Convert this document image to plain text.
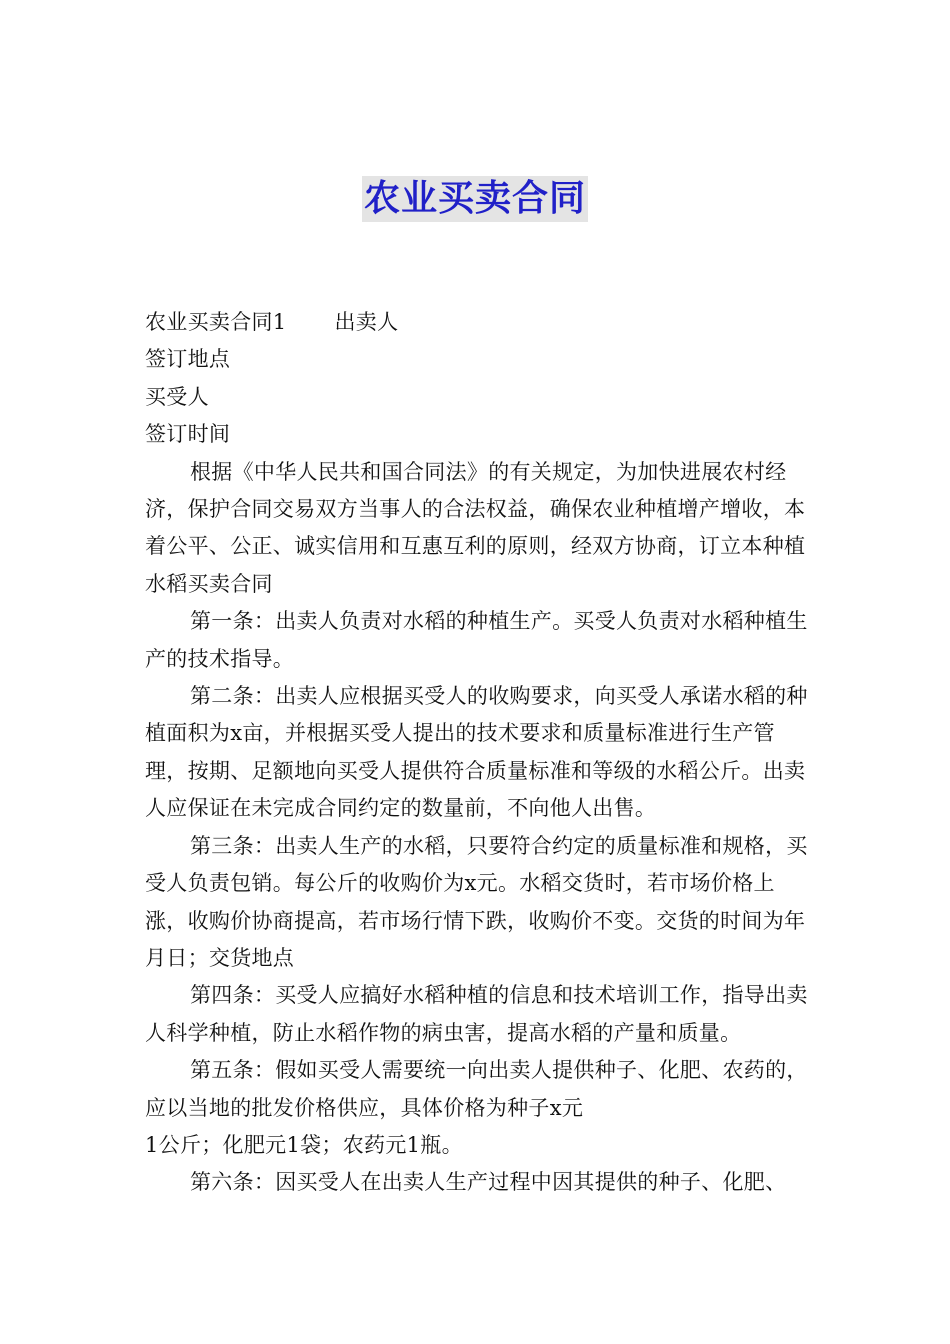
农业买卖合同

农业买卖合同1 出卖人

签订地点

买受人

签订时间

根据《中华人民共和国合同法》的有关规定，为加快进展农村经济，保护合同交易双方当事人的合法权益，确保农业种植增产增收，本着公平、公正、诚实信用和互惠互利的原则，经双方协商，订立本种植水稻买卖合同

第一条：出卖人负责对水稻的种植生产。买受人负责对水稻种植生产的技术指导。

第二条：出卖人应根据买受人的收购要求，向买受人承诺水稻的种植面积为x亩，并根据买受人提出的技术要求和质量标准进行生产管理，按期、足额地向买受人提供符合质量标准和等级的水稻公斤。出卖人应保证在未完成合同约定的数量前，不向他人出售。

第三条：出卖人生产的水稻，只要符合约定的质量标准和规格，买受人负责包销。每公斤的收购价为x元。水稻交货时，若市场价格上涨，收购价协商提高，若市场行情下跌，收购价不变。交货的时间为年月日；交货地点

第四条：买受人应搞好水稻种植的信息和技术培训工作，指导出卖人科学种植，防止水稻作物的病虫害，提高水稻的产量和质量。

第五条：假如买受人需要统一向出卖人提供种子、化肥、农药的，应以当地的批发价格供应，具体价格为种子x元

1公斤；化肥元1袋；农药元1瓶。

第六条：因买受人在出卖人生产过程中因其提供的种子、化肥、
